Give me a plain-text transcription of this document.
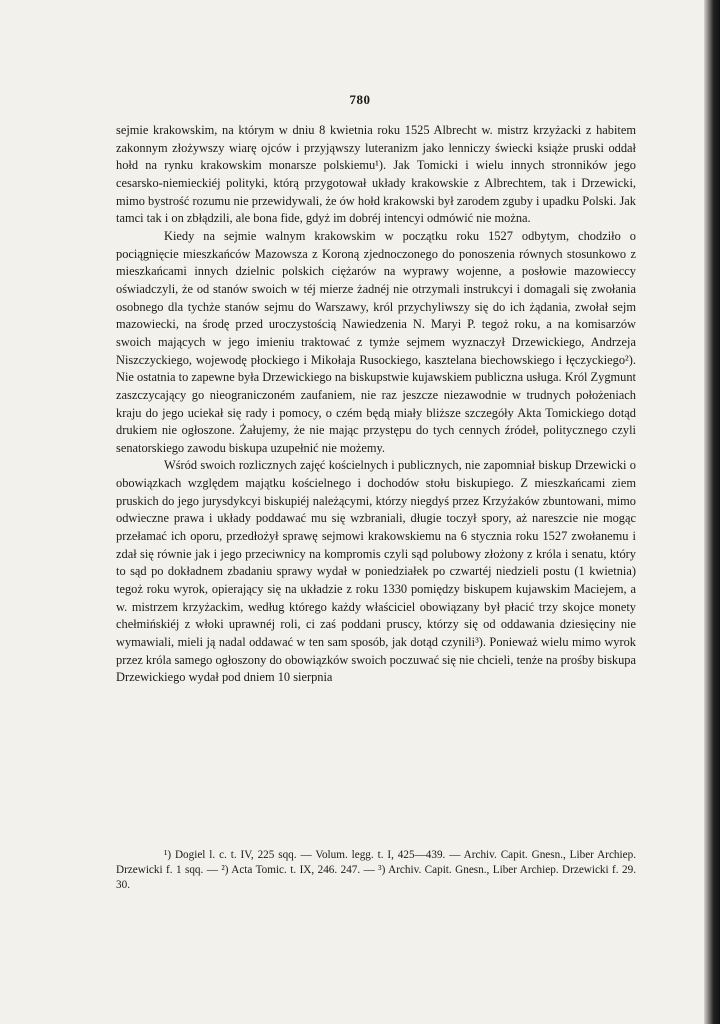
780

sejmie krakowskim, na którym w dniu 8 kwietnia roku 1525 Albrecht w. mistrz krzyżacki z habitem zakonnym złożywszy wiarę ojców i przyjąwszy luteranizm jako lenniczy świecki książe pruski oddał hołd na rynku krakowskim monarsze polskiemu¹). Jak Tomicki i wielu innych stronników jego cesarsko-niemieckiéj polityki, którą przygotował układy krakowskie z Albrechtem, tak i Drzewicki, mimo bystrość rozumu nie przewidywali, że ów hołd krakowski był zarodem zguby i upadku Polski. Jak tamci tak i on zbłądzili, ale bona fide, gdyż im dobréj intencyi odmówić nie można.

Kiedy na sejmie walnym krakowskim w początku roku 1527 odbytym, chodziło o pociągnięcie mieszkańców Mazowsza z Koroną zjednoczonego do ponoszenia równych stosunkowo z mieszkańcami innych dzielnic polskich ciężarów na wyprawy wojenne, a posłowie mazowieccy oświadczyli, że od stanów swoich w téj mierze żadnéj nie otrzymali instrukcyi i domagali się zwołania osobnego dla tychże stanów sejmu do Warszawy, król przychyliwszy się do ich żądania, zwołał sejm mazowiecki, na środę przed uroczystością Nawiedzenia N. Maryi P. tegoż roku, a na komisarzów swoich mających w jego imieniu traktować z tymże sejmem wyznaczył Drzewickiego, Andrzeja Niszczyckiego, wojewodę płockiego i Mikołaja Rusockiego, kasztelana biechowskiego i łęczyckiego²). Nie ostatnia to zapewne była Drzewickiego na biskupstwie kujawskiem publiczna usługa. Król Zygmunt zaszczycający go nieograniczoném zaufaniem, nie raz jeszcze niezawodnie w trudnych położeniach kraju do jego uciekał się rady i pomocy, o czém będą miały bliższe szczegóły Akta Tomickiego dotąd drukiem nie ogłoszone. Żałujemy, że nie mając przystępu do tych cennych źródeł, politycznego czyli senatorskiego zawodu biskupa uzupełnić nie możemy.

Wśród swoich rozlicznych zajęć kościelnych i publicznych, nie zapomniał biskup Drzewicki o obowiązkach względem majątku kościelnego i dochodów stołu biskupiego. Z mieszkańcami ziem pruskich do jego jurysdykcyi biskupiéj należącymi, którzy niegdyś przez Krzyżaków zbuntowani, mimo odwieczne prawa i układy poddawać mu się wzbraniali, długie toczył spory, aż nareszcie nie mogąc przełamać ich oporu, przedłożył sprawę sejmowi krakowskiemu na 6 stycznia roku 1527 zwołanemu i zdał się równie jak i jego przeciwnicy na kompromis czyli sąd polubowy złożony z króla i senatu, który to sąd po dokładnem zbadaniu sprawy wydał w poniedziałek po czwartéj niedzieli postu (1 kwietnia) tegoż roku wyrok, opierający się na układzie z roku 1330 pomiędzy biskupem kujawskim Maciejem, a w. mistrzem krzyżackim, według którego każdy właściciel obowiązany był płacić trzy skojce monety chełmińskiéj z włoki uprawnéj roli, ci zaś poddani pruscy, którzy się od oddawania dziesięciny nie wymawiali, mieli ją nadal oddawać w ten sam sposób, jak dotąd czynili³). Ponieważ wielu mimo wyrok przez króla samego ogłoszony do obowiązków swoich poczuwać się nie chcieli, tenże na prośby biskupa Drzewickiego wydał pod dniem 10 sierpnia

¹) Dogiel l. c. t. IV, 225 sqq. — Volum. legg. t. I, 425—439. — Archiv. Capit. Gnesn., Liber Archiep. Drzewicki f. 1 sqq. — ²) Acta Tomic. t. IX, 246. 247. — ³) Archiv. Capit. Gnesn., Liber Archiep. Drzewicki f. 29. 30.
